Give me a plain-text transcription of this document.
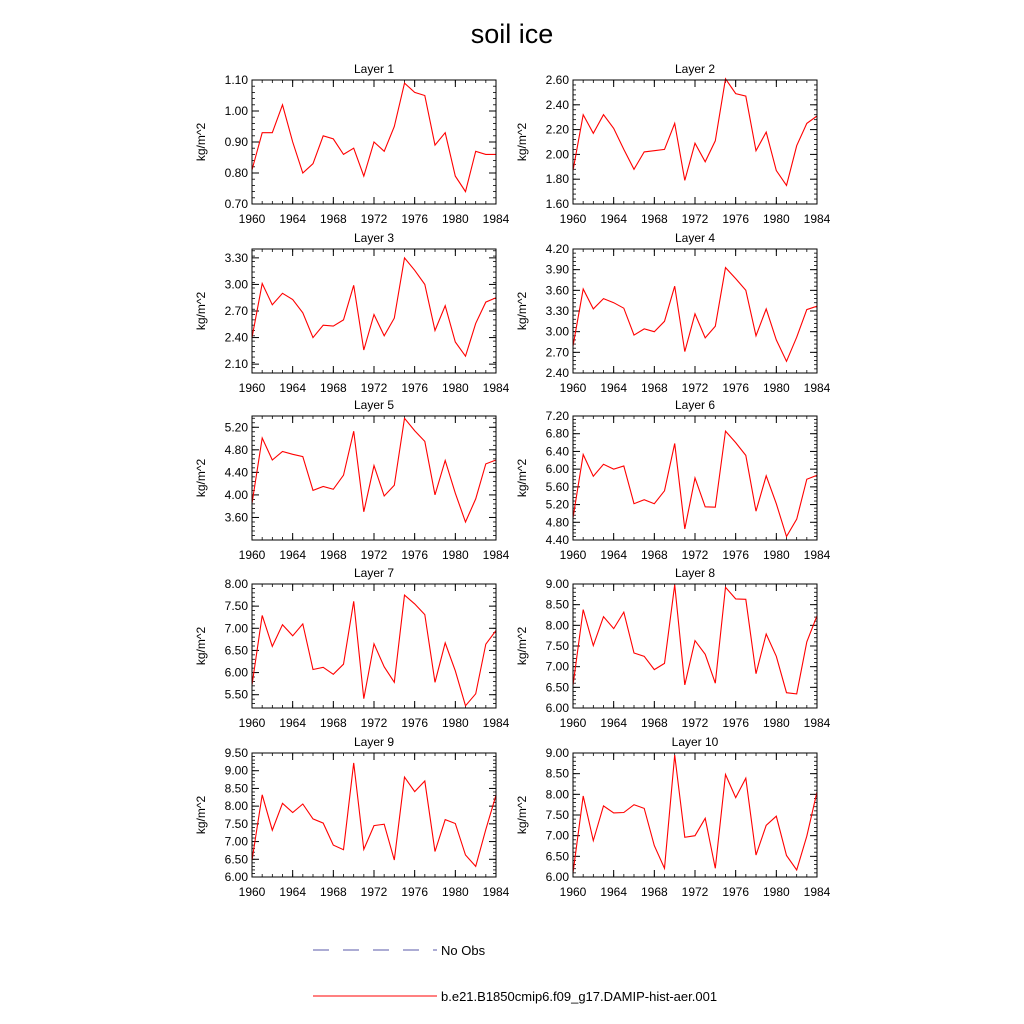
soil ice
Layer 1
1960 1964 1968 1972 1976 1980 1984
0.70
0.80
0.90
1.00
1.10
kg/m^2
Layer 2
1960 1964 1968 1972 1976 1980 1984
1.60
1.80
2.00
2.20
2.40
2.60
kg/m^2
Layer 3
1960 1964 1968 1972 1976 1980 1984
2.10
2.40
2.70
3.00
3.30
kg/m^2
Layer 4
1960 1964 1968 1972 1976 1980 1984
2.40
2.70
3.00
3.30
3.60
3.90
4.20
kg/m^2
Layer 5
1960 1964 1968 1972 1976 1980 1984
3.60
4.00
4.40
4.80
5.20
kg/m^2
Layer 6
1960 1964 1968 1972 1976 1980 1984
4.40
4.80
5.20
5.60
6.00
6.40
6.80
7.20
kg/m^2
Layer 7
1960 1964 1968 1972 1976 1980 1984
5.50
6.00
6.50
7.00
7.50
8.00
kg/m^2
Layer 8
1960 1964 1968 1972 1976 1980 1984
6.00
6.50
7.00
7.50
8.00
8.50
9.00
kg/m^2
Layer 9
1960 1964 1968 1972 1976 1980 1984
6.00
6.50
7.00
7.50
8.00
8.50
9.00
9.50
kg/m^2
Layer 10
1960 1964 1968 1972 1976 1980 1984
6.00
6.50
7.00
7.50
8.00
8.50
9.00
kg/m^2
No Obs
b.e21.B1850cmip6.f09_g17.DAMIP-hist-aer.001
